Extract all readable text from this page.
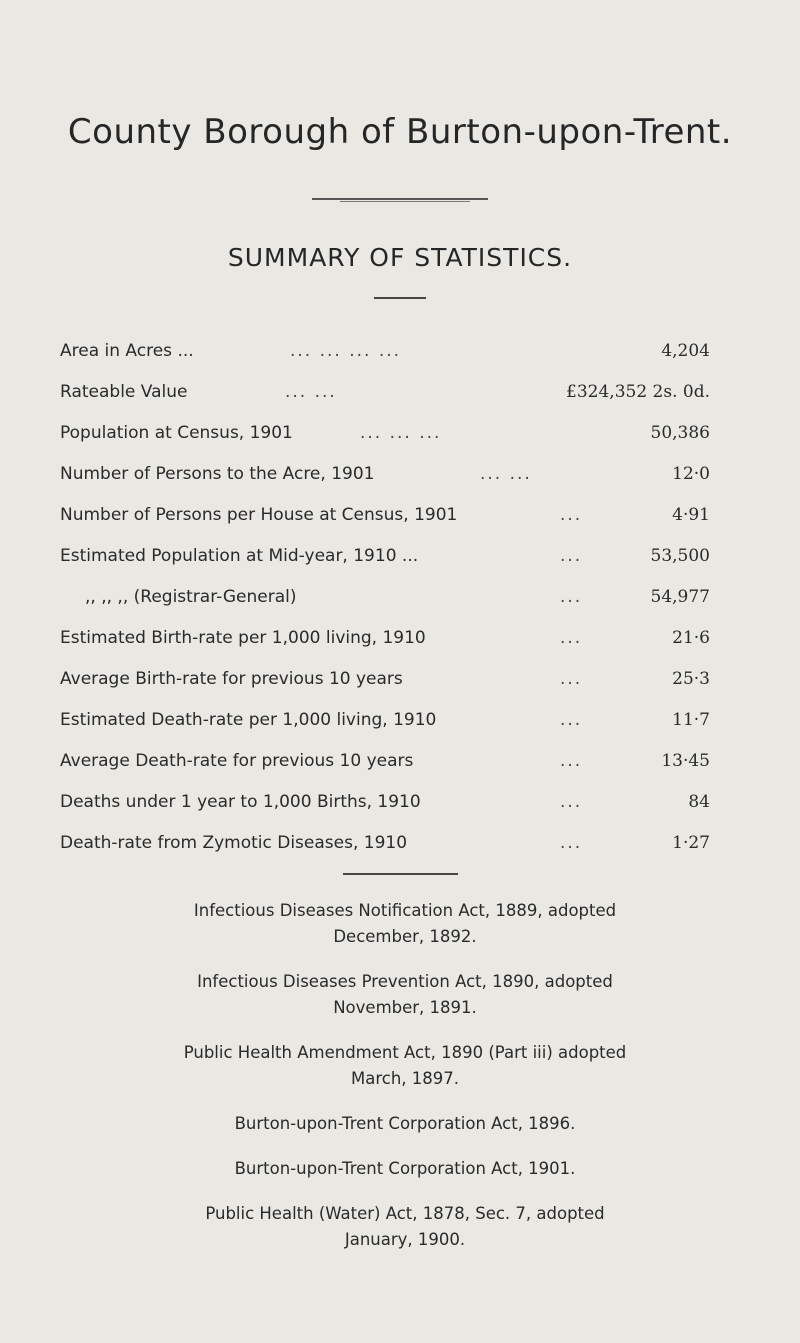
County Borough of Burton-upon-Trent.
SUMMARY OF STATISTICS.
Area in Acres ...	... ... ... ...	4,204
Rateable Value	... ...	£324,352 2s. 0d.
Population at Census, 1901	... ... ...	50,386
Number of Persons to the Acre, 1901	... ...	12·0
Number of Persons per House at Census, 1901	...	4·91
Estimated Population at Mid-year, 1910 ...	...	53,500
,, ,, ,, (Registrar-General)	...	54,977
Estimated Birth-rate per 1,000 living, 1910	...	21·6
Average Birth-rate for previous 10 years	...	25·3
Estimated Death-rate per 1,000 living, 1910	...	11·7
Average Death-rate for previous 10 years	...	13·45
Deaths under 1 year to 1,000 Births, 1910	...	84
Death-rate from Zymotic Diseases, 1910	...	1·27

Infectious Diseases Notification Act, 1889, adopted
December, 1892.

Infectious Diseases Prevention Act, 1890, adopted
November, 1891.

Public Health Amendment Act, 1890 (Part iii) adopted
March, 1897.

Burton-upon-Trent Corporation Act, 1896.

Burton-upon-Trent Corporation Act, 1901.

Public Health (Water) Act, 1878, Sec. 7, adopted
January, 1900.
